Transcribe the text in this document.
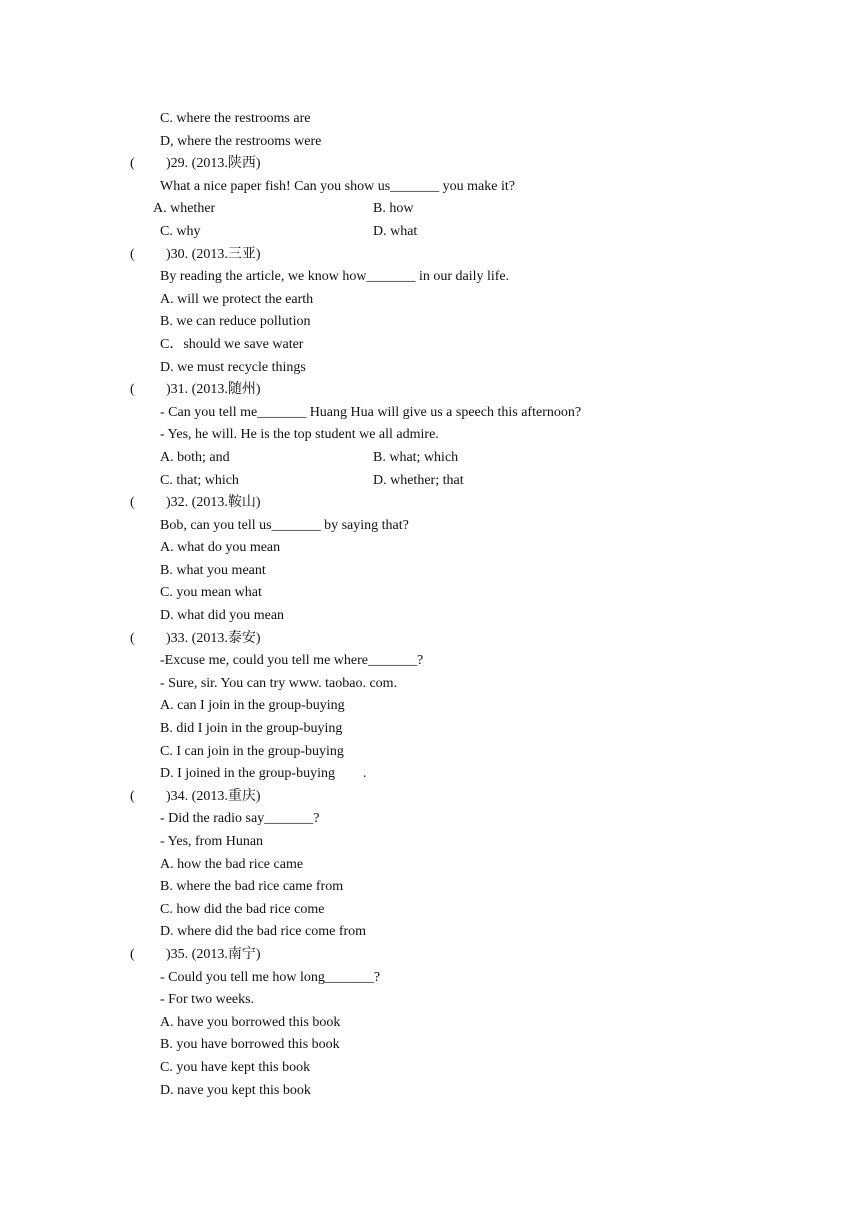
C. where the restrooms are
D, where the restrooms were
( )29. (2013.陕西)
What a nice paper fish! Can you show us_______ you make it?
A. whether	B. how
C. why	D. what
( )30. (2013.三亚)
By reading the article, we know how_______ in our daily life.
A. will we protect the earth
B. we can reduce pollution
C．should we save water
D. we must recycle things
( )31. (2013.随州)
- Can you tell me_______ Huang Hua will give us a speech this afternoon?
- Yes, he will. He is the top student we all admire.
A. both; and	B. what; which
C. that; which	D. whether; that
( )32. (2013.鞍山)
Bob, can you tell us_______ by saying that?
A. what do you mean
B. what you meant
C. you mean what
D. what did you mean
( )33. (2013.泰安)
-Excuse me, could you tell me where_______?
- Sure, sir. You can try www. taobao. com.
A. can I join in the group-buying
B. did I join in the group-buying
C. I can join in the group-buying
D. I joined in the group-buying .
( )34. (2013.重庆)
- Did the radio say_______?
- Yes, from Hunan
A. how the bad rice came
B. where the bad rice came from
C. how did the bad rice come
D. where did the bad rice come from
( )35. (2013.南宁)
- Could you tell me how long_______?
- For two weeks.
A. have you borrowed this book
B. you have borrowed this book
C. you have kept this book
D. nave you kept this book
